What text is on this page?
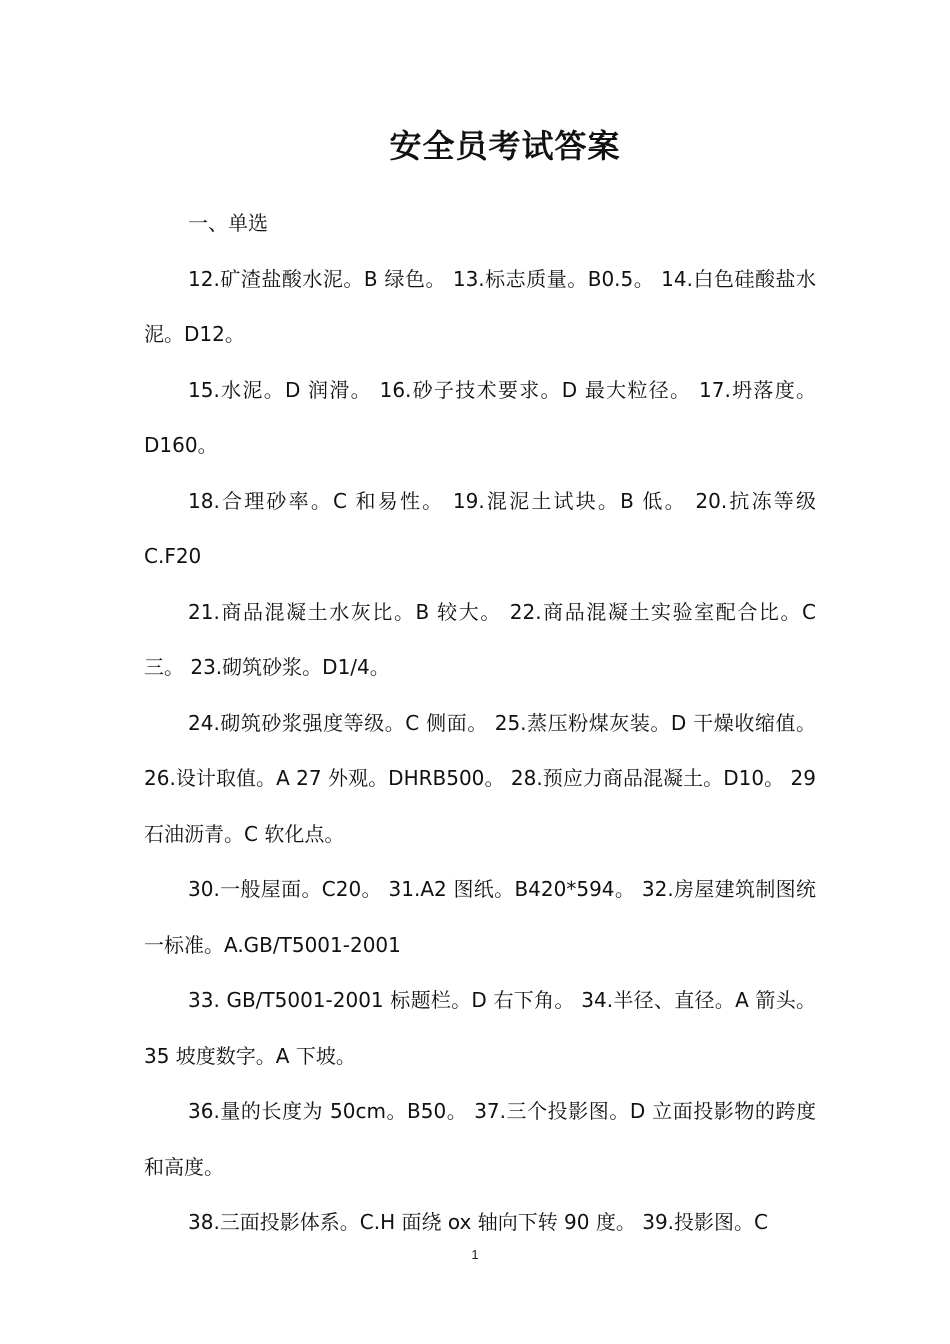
安全员考试答案

一、单选

12.矿渣盐酸水泥。B 绿色。 13.标志质量。B0.5。 14.白色硅酸盐水泥。D12。

15.水泥。D 润滑。 16.砂子技术要求。D 最大粒径。 17.坍落度。D160。

18.合理砂率。C 和易性。 19.混泥土试块。B 低。 20.抗冻等级 C.F20

21.商品混凝土水灰比。B 较大。 22.商品混凝土实验室配合比。C 三。 23.砌筑砂浆。D1/4。

24.砌筑砂浆强度等级。C 侧面。 25.蒸压粉煤灰装。D 干燥收缩值。26.设计取值。A 27 外观。DHRB500。 28.预应力商品混凝土。D10。 29 石油沥青。C 软化点。

30.一般屋面。C20。 31.A2 图纸。B420*594。 32.房屋建筑制图统一标准。A.GB/T5001-2001

33. GB/T5001-2001 标题栏。D 右下角。 34.半径、直径。A 箭头。 35 坡度数字。A 下坡。

36.量的长度为 50cm。B50。 37.三个投影图。D 立面投影物的跨度和高度。

38.三面投影体系。C.H 面绕 ox 轴向下转 90 度。 39.投影图。C

1
